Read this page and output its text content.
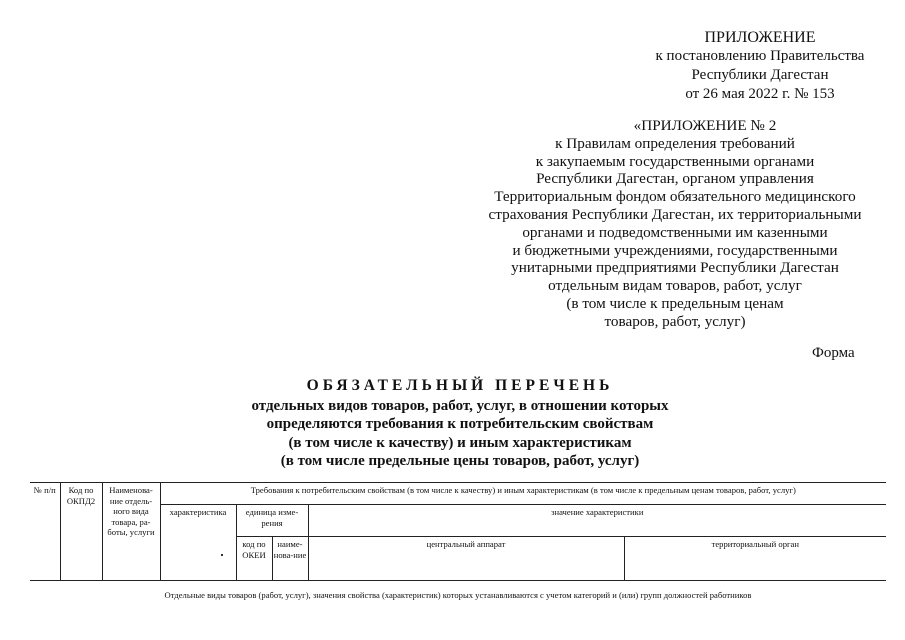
ПРИЛОЖЕНИЕ
к постановлению Правительства
Республики Дагестан
от 26 мая 2022 г. № 153
«ПРИЛОЖЕНИЕ № 2
к Правилам определения требований
к закупаемым государственными органами
Республики Дагестан, органом управления
Территориальным фондом обязательного медицинского
страхования Республики Дагестан, их территориальными
органами и подведомственными им казенными
и бюджетными учреждениями, государственными
унитарными предприятиями Республики Дагестан
отдельным видам товаров, работ, услуг
(в том числе к предельным ценам
товаров, работ, услуг)
Форма
ОБЯЗАТЕЛЬНЫЙ ПЕРЕЧЕНЬ
отдельных видов товаров, работ, услуг, в отношении которых
определяются требования к потребительским свойствам
(в том числе к качеству) и иным характеристикам
(в том числе предельные цены товаров, работ, услуг)
№ п/п	Код по ОКПД2	Наименова-ние отдель-ного вида товара, ра-боты, услуги	Требования к потребительским свойствам (в том числе к качеству) и иным характеристикам (в том числе к предельным ценам товаров, работ, услуг)				
			характеристика	единица изме-рения		значение характеристики	
				код по ОКЕИ	наиме-нова-ние	центральный аппарат	территориальный орган
Отдельные виды товаров (работ, услуг), значения свойства (характеристик) которых устанавливаются с учетом категорий и (или) групп должностей работников
